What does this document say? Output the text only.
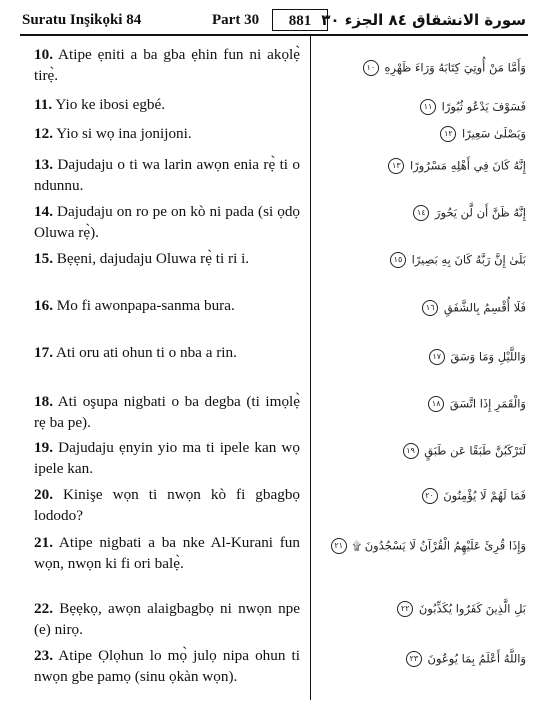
Suratu Inşikọki 84	Part 30	881 سورة الانشقاق ٨٤ الجزء ٣٠

10. Atipe ẹniti a ba gba ẹhin fun ni akọlẹ̀ tirẹ̀.

11. Yio ke ibosi egbé.

12. Yio si wọ ina jonijoni.

13. Dajudaju o ti wa larin awọn enia rẹ̀ ti o ndunnu.

14. Dajudaju on ro pe on kò ni pada (si ọdọ Oluwa rẹ̀).

15. Bẹẹni, dajudaju Oluwa rẹ̀ ti ri i.

16. Mo fi awonpapa-sanma bura.

17. Ati oru ati ohun ti o nba a rin.

18. Ati oşupa nigbati o ba degba (ti imọlẹ̀ rẹ ba pe).

19. Dajudaju ẹnyin yio ma ti ipele kan wọ ipele kan.

20. Kinişe wọn ti nwọn kò fi gbagbọ lododo?

21. Atipe nigbati a ba nke Al-Kurani fun wọn, nwọn ki fi ori balẹ̀.

22. Bẹẹkọ, awọn alaigbagbọ ni nwọn npe (e) nirọ.

23. Atipe Ọlọhun lo mọ̀ julọ nipa ohun ti nwọn gbe pamọ (sinu ọkàn wọn).

وَأَمَّا مَنْ أُوتِيَ كِتَابَهُ وَرَاءَ ظَهْرِهِ ١٠
فَسَوْفَ يَدْعُو ثُبُورًا ١١
وَيَصْلَىٰ سَعِيرًا ١٢
إِنَّهُ كَانَ فِي أَهْلِهِ مَسْرُورًا ١٣
إِنَّهُ ظَنَّ أَن لَّن يَحُورَ ١٤
بَلَىٰ إِنَّ رَبَّهُ كَانَ بِهِ بَصِيرًا ١٥
فَلَا أُقْسِمُ بِالشَّفَقِ ١٦
وَاللَّيْلِ وَمَا وَسَقَ ١٧
وَالْقَمَرِ إِذَا اتَّسَقَ ١٨
لَتَرْكَبُنَّ طَبَقًا عَن طَبَقٍ ١٩
فَمَا لَهُمْ لَا يُؤْمِنُونَ ٢٠
وَإِذَا قُرِئَ عَلَيْهِمُ الْقُرْآنُ لَا يَسْجُدُونَ ۩ ٢١
بَلِ الَّذِينَ كَفَرُوا يُكَذِّبُونَ ٢٢
وَاللَّهُ أَعْلَمُ بِمَا يُوعُونَ ٢٣
